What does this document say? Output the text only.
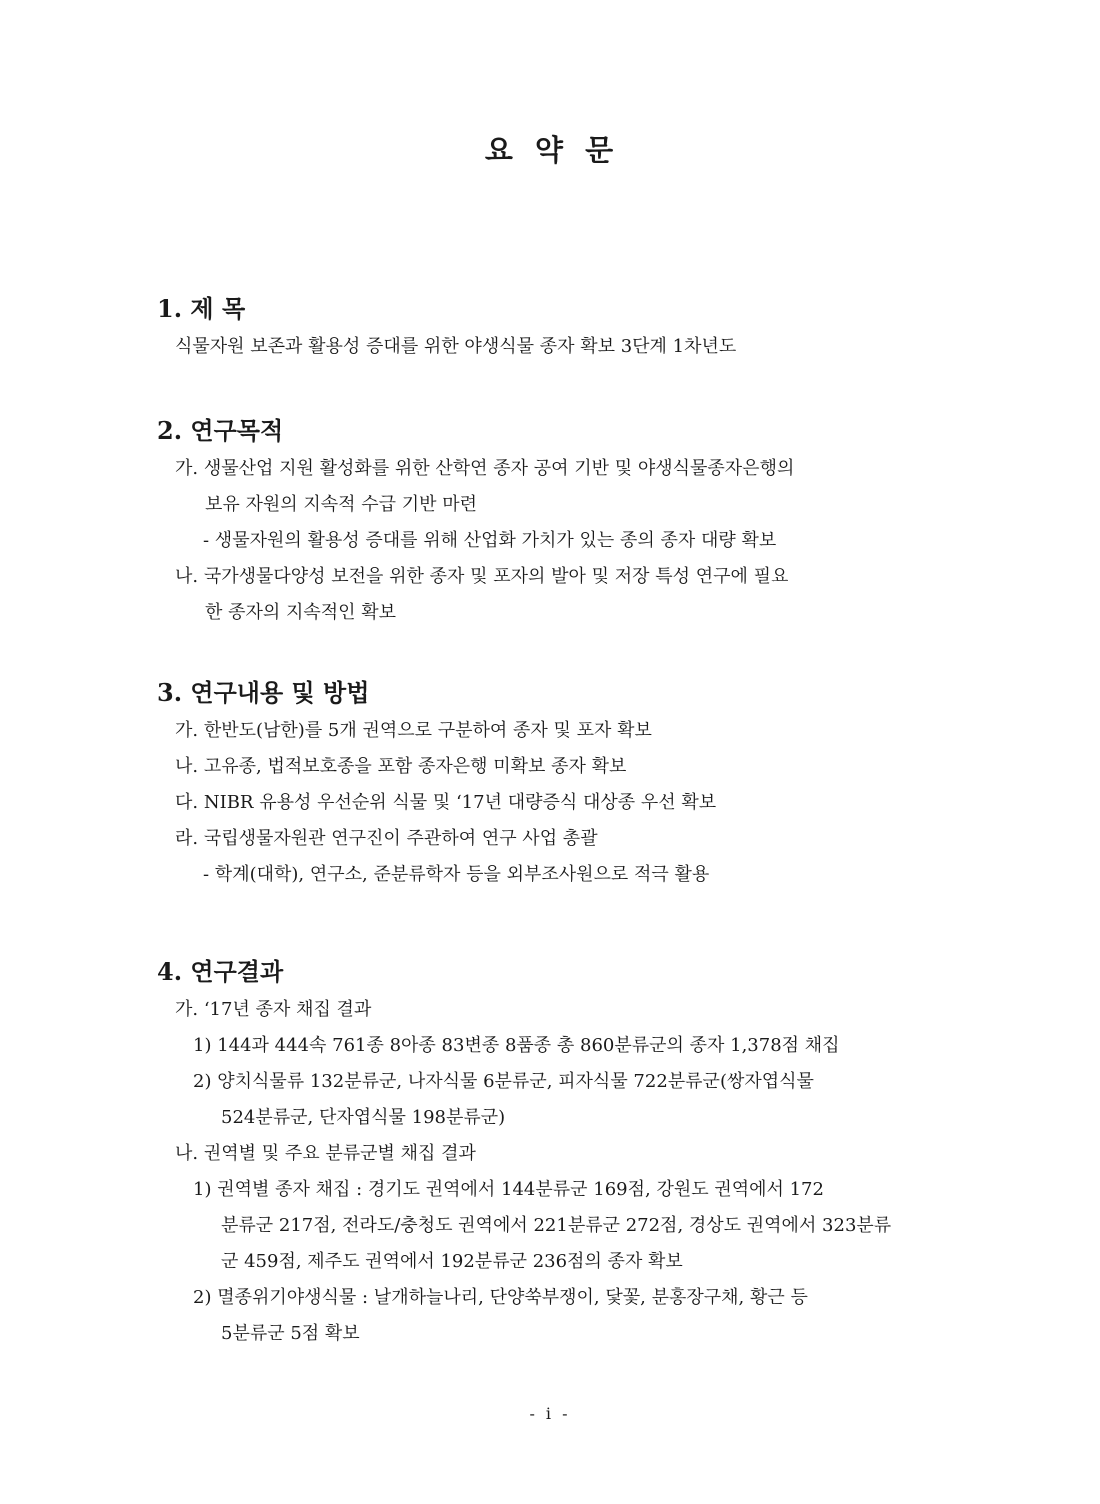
요 약 문
1. 제 목
식물자원 보존과 활용성 증대를 위한 야생식물 종자 확보 3단계 1차년도
2. 연구목적
가. 생물산업 지원 활성화를 위한 산학연 종자 공여 기반 및 야생식물종자은행의
보유 자원의 지속적 수급 기반 마련
- 생물자원의 활용성 증대를 위해 산업화 가치가 있는 종의 종자 대량 확보
나. 국가생물다양성 보전을 위한 종자 및 포자의 발아 및 저장 특성 연구에 필요
한 종자의 지속적인 확보
3. 연구내용 및 방법
가. 한반도(남한)를 5개 권역으로 구분하여 종자 및 포자 확보
나. 고유종, 법적보호종을 포함 종자은행 미확보 종자 확보
다. NIBR 유용성 우선순위 식물 및 ‘17년 대량증식 대상종 우선 확보
라. 국립생물자원관 연구진이 주관하여 연구 사업 총괄
- 학계(대학), 연구소, 준분류학자 등을 외부조사원으로 적극 활용
4. 연구결과
가. ‘17년 종자 채집 결과
1) 144과 444속 761종 8아종 83변종 8품종 총 860분류군의 종자 1,378점 채집
2) 양치식물류 132분류군, 나자식물 6분류군, 피자식물 722분류군(쌍자엽식물
524분류군, 단자엽식물 198분류군)
나. 권역별 및 주요 분류군별 채집 결과
1) 권역별 종자 채집 : 경기도 권역에서 144분류군 169점, 강원도 권역에서 172
분류군 217점, 전라도/충청도 권역에서 221분류군 272점, 경상도 권역에서 323분류
군 459점, 제주도 권역에서 192분류군 236점의 종자 확보
2) 멸종위기야생식물 : 날개하늘나리, 단양쑥부쟁이, 닻꽃, 분홍장구채, 황근 등
5분류군 5점 확보
- i -
